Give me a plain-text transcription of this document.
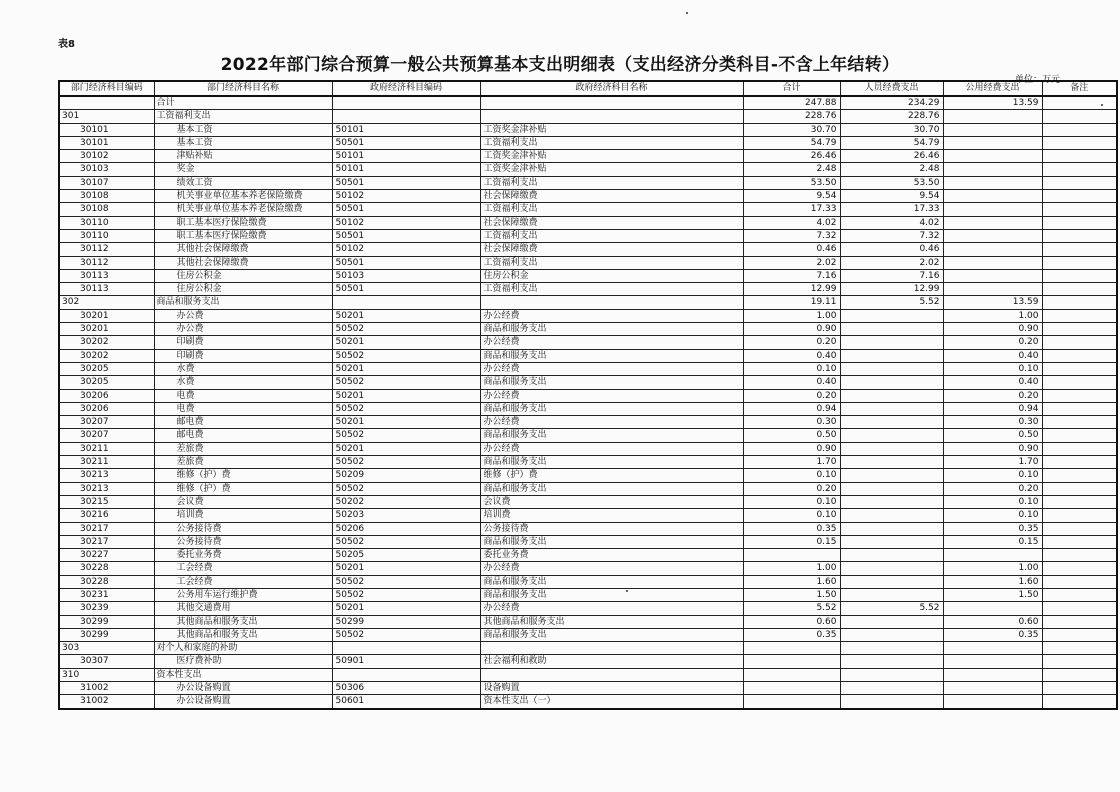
表8
2022年部门综合预算一般公共预算基本支出明细表（支出经济分类科目-不含上年结转）
单位：万元
部门经济科目编码	部门经济科目名称	政府经济科目编码	政府经济科目名称	合计	人员经费支出	公用经费支出	备注
	合计			247.88	234.29	13.59	
301	工资福利支出			228.76	228.76		
30101	基本工资	50101	工资奖金津补贴	30.70	30.70		
30101	基本工资	50501	工资福利支出	54.79	54.79		
30102	津贴补贴	50101	工资奖金津补贴	26.46	26.46		
30103	奖金	50101	工资奖金津补贴	2.48	2.48		
30107	绩效工资	50501	工资福利支出	53.50	53.50		
30108	机关事业单位基本养老保险缴费	50102	社会保障缴费	9.54	9.54		
30108	机关事业单位基本养老保险缴费	50501	工资福利支出	17.33	17.33		
30110	职工基本医疗保险缴费	50102	社会保障缴费	4.02	4.02		
30110	职工基本医疗保险缴费	50501	工资福利支出	7.32	7.32		
30112	其他社会保障缴费	50102	社会保障缴费	0.46	0.46		
30112	其他社会保障缴费	50501	工资福利支出	2.02	2.02		
30113	住房公积金	50103	住房公积金	7.16	7.16		
30113	住房公积金	50501	工资福利支出	12.99	12.99		
302	商品和服务支出			19.11	5.52	13.59	
30201	办公费	50201	办公经费	1.00		1.00	
30201	办公费	50502	商品和服务支出	0.90		0.90	
30202	印刷费	50201	办公经费	0.20		0.20	
30202	印刷费	50502	商品和服务支出	0.40		0.40	
30205	水费	50201	办公经费	0.10		0.10	
30205	水费	50502	商品和服务支出	0.40		0.40	
30206	电费	50201	办公经费	0.20		0.20	
30206	电费	50502	商品和服务支出	0.94		0.94	
30207	邮电费	50201	办公经费	0.30		0.30	
30207	邮电费	50502	商品和服务支出	0.50		0.50	
30211	差旅费	50201	办公经费	0.90		0.90	
30211	差旅费	50502	商品和服务支出	1.70		1.70	
30213	维修（护）费	50209	维修（护）费	0.10		0.10	
30213	维修（护）费	50502	商品和服务支出	0.20		0.20	
30215	会议费	50202	会议费	0.10		0.10	
30216	培训费	50203	培训费	0.10		0.10	
30217	公务接待费	50206	公务接待费	0.35		0.35	
30217	公务接待费	50502	商品和服务支出	0.15		0.15	
30227	委托业务费	50205	委托业务费				
30228	工会经费	50201	办公经费	1.00		1.00	
30228	工会经费	50502	商品和服务支出	1.60		1.60	
30231	公务用车运行维护费	50502	商品和服务支出	1.50		1.50	
30239	其他交通费用	50201	办公经费	5.52	5.52		
30299	其他商品和服务支出	50299	其他商品和服务支出	0.60		0.60	
30299	其他商品和服务支出	50502	商品和服务支出	0.35		0.35	
303	对个人和家庭的补助						
30307	医疗费补助	50901	社会福利和救助				
310	资本性支出						
31002	办公设备购置	50306	设备购置				
31002	办公设备购置	50601	资本性支出（一）				
